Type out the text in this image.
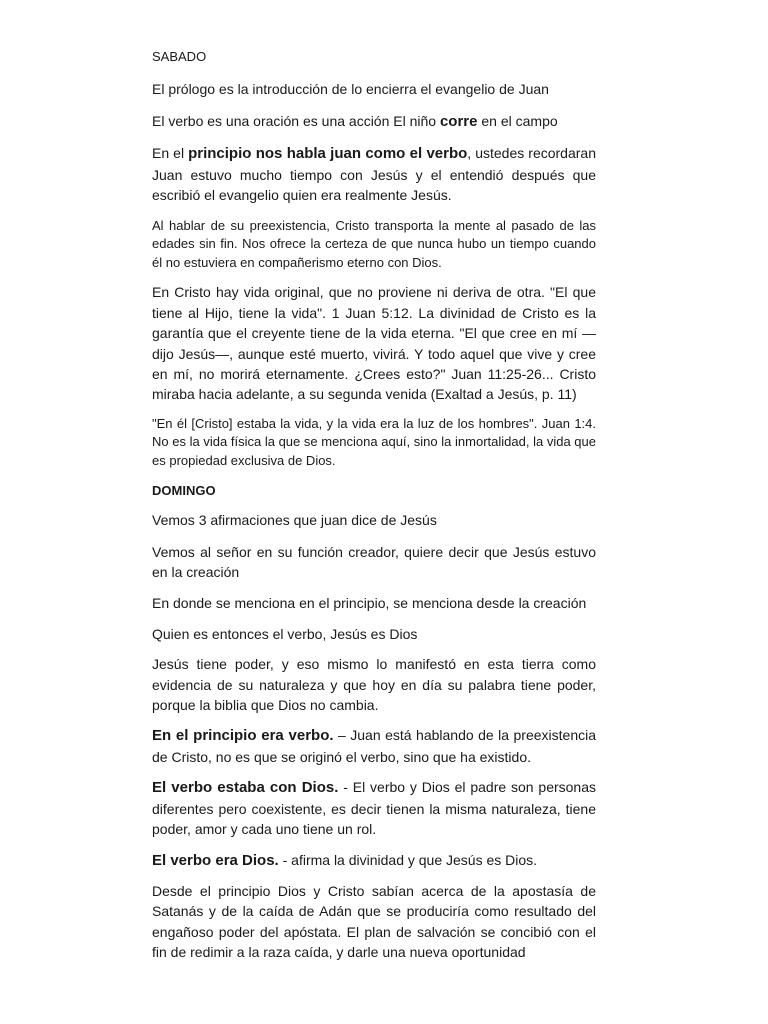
SABADO

El prólogo es la introducción de lo encierra el evangelio de Juan

El verbo es una oración es una acción El niño corre en el campo

En el principio nos habla juan como el verbo, ustedes recordaran Juan estuvo mucho tiempo con Jesús y el entendió después que escribió el evangelio quien era realmente Jesús.

Al hablar de su preexistencia, Cristo transporta la mente al pasado de las edades sin fin. Nos ofrece la certeza de que nunca hubo un tiempo cuando él no estuviera en compañerismo eterno con Dios.

En Cristo hay vida original, que no proviene ni deriva de otra. "El que tiene al Hijo, tiene la vida". 1 Juan 5:12. La divinidad de Cristo es la garantía que el creyente tiene de la vida eterna. "El que cree en mí —dijo Jesús—, aunque esté muerto, vivirá. Y todo aquel que vive y cree en mí, no morirá eternamente. ¿Crees esto?" Juan 11:25-26... Cristo miraba hacia adelante, a su segunda venida (Exaltad a Jesús, p. 11)

"En él [Cristo] estaba la vida, y la vida era la luz de los hombres". Juan 1:4. No es la vida física la que se menciona aquí, sino la inmortalidad, la vida que es propiedad exclusiva de Dios.

DOMINGO

Vemos 3 afirmaciones que juan dice de Jesús

Vemos al señor en su función creador, quiere decir que Jesús estuvo en la creación

En donde se menciona en el principio, se menciona desde la creación

Quien es entonces el verbo, Jesús es Dios

Jesús tiene poder, y eso mismo lo manifestó en esta tierra como evidencia de su naturaleza y que hoy en día su palabra tiene poder, porque la biblia que Dios no cambia.

En el principio era verbo. – Juan está hablando de la preexistencia de Cristo, no es que se originó el verbo, sino que ha existido.

El verbo estaba con Dios. - El verbo y Dios el padre son personas diferentes pero coexistente, es decir tienen la misma naturaleza, tiene poder, amor y cada uno tiene un rol.

El verbo era Dios. - afirma la divinidad y que Jesús es Dios.

Desde el principio Dios y Cristo sabían acerca de la apostasía de Satanás y de la caída de Adán que se produciría como resultado del engañoso poder del apóstata. El plan de salvación se concibió con el fin de redimir a la raza caída, y darle una nueva oportunidad
